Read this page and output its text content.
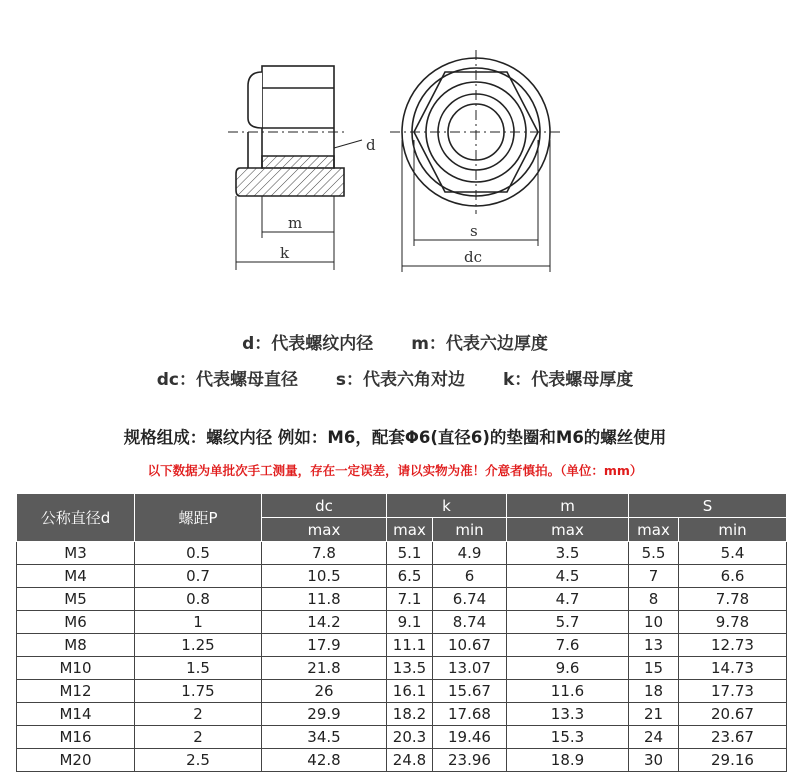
d
m
k
s
dc
d：代表螺纹内径 m：代表六边厚度
dc：代表螺母直径 s：代表六角对边 k：代表螺母厚度
规格组成：螺纹内径 例如：M6，配套Φ6(直径6)的垫圈和M6的螺丝使用
以下数据为单批次手工测量，存在一定误差，请以实物为准！介意者慎拍。（单位：mm）
公称直径d	螺距P	dc	k		m	S	
		max	max	min	max	max	min
M3	0.5	7.8	5.1	4.9	3.5	5.5	5.4
M4	0.7	10.5	6.5	6	4.5	7	6.6
M5	0.8	11.8	7.1	6.74	4.7	8	7.78
M6	1	14.2	9.1	8.74	5.7	10	9.78
M8	1.25	17.9	11.1	10.67	7.6	13	12.73
M10	1.5	21.8	13.5	13.07	9.6	15	14.73
M12	1.75	26	16.1	15.67	11.6	18	17.73
M14	2	29.9	18.2	17.68	13.3	21	20.67
M16	2	34.5	20.3	19.46	15.3	24	23.67
M20	2.5	42.8	24.8	23.96	18.9	30	29.16
